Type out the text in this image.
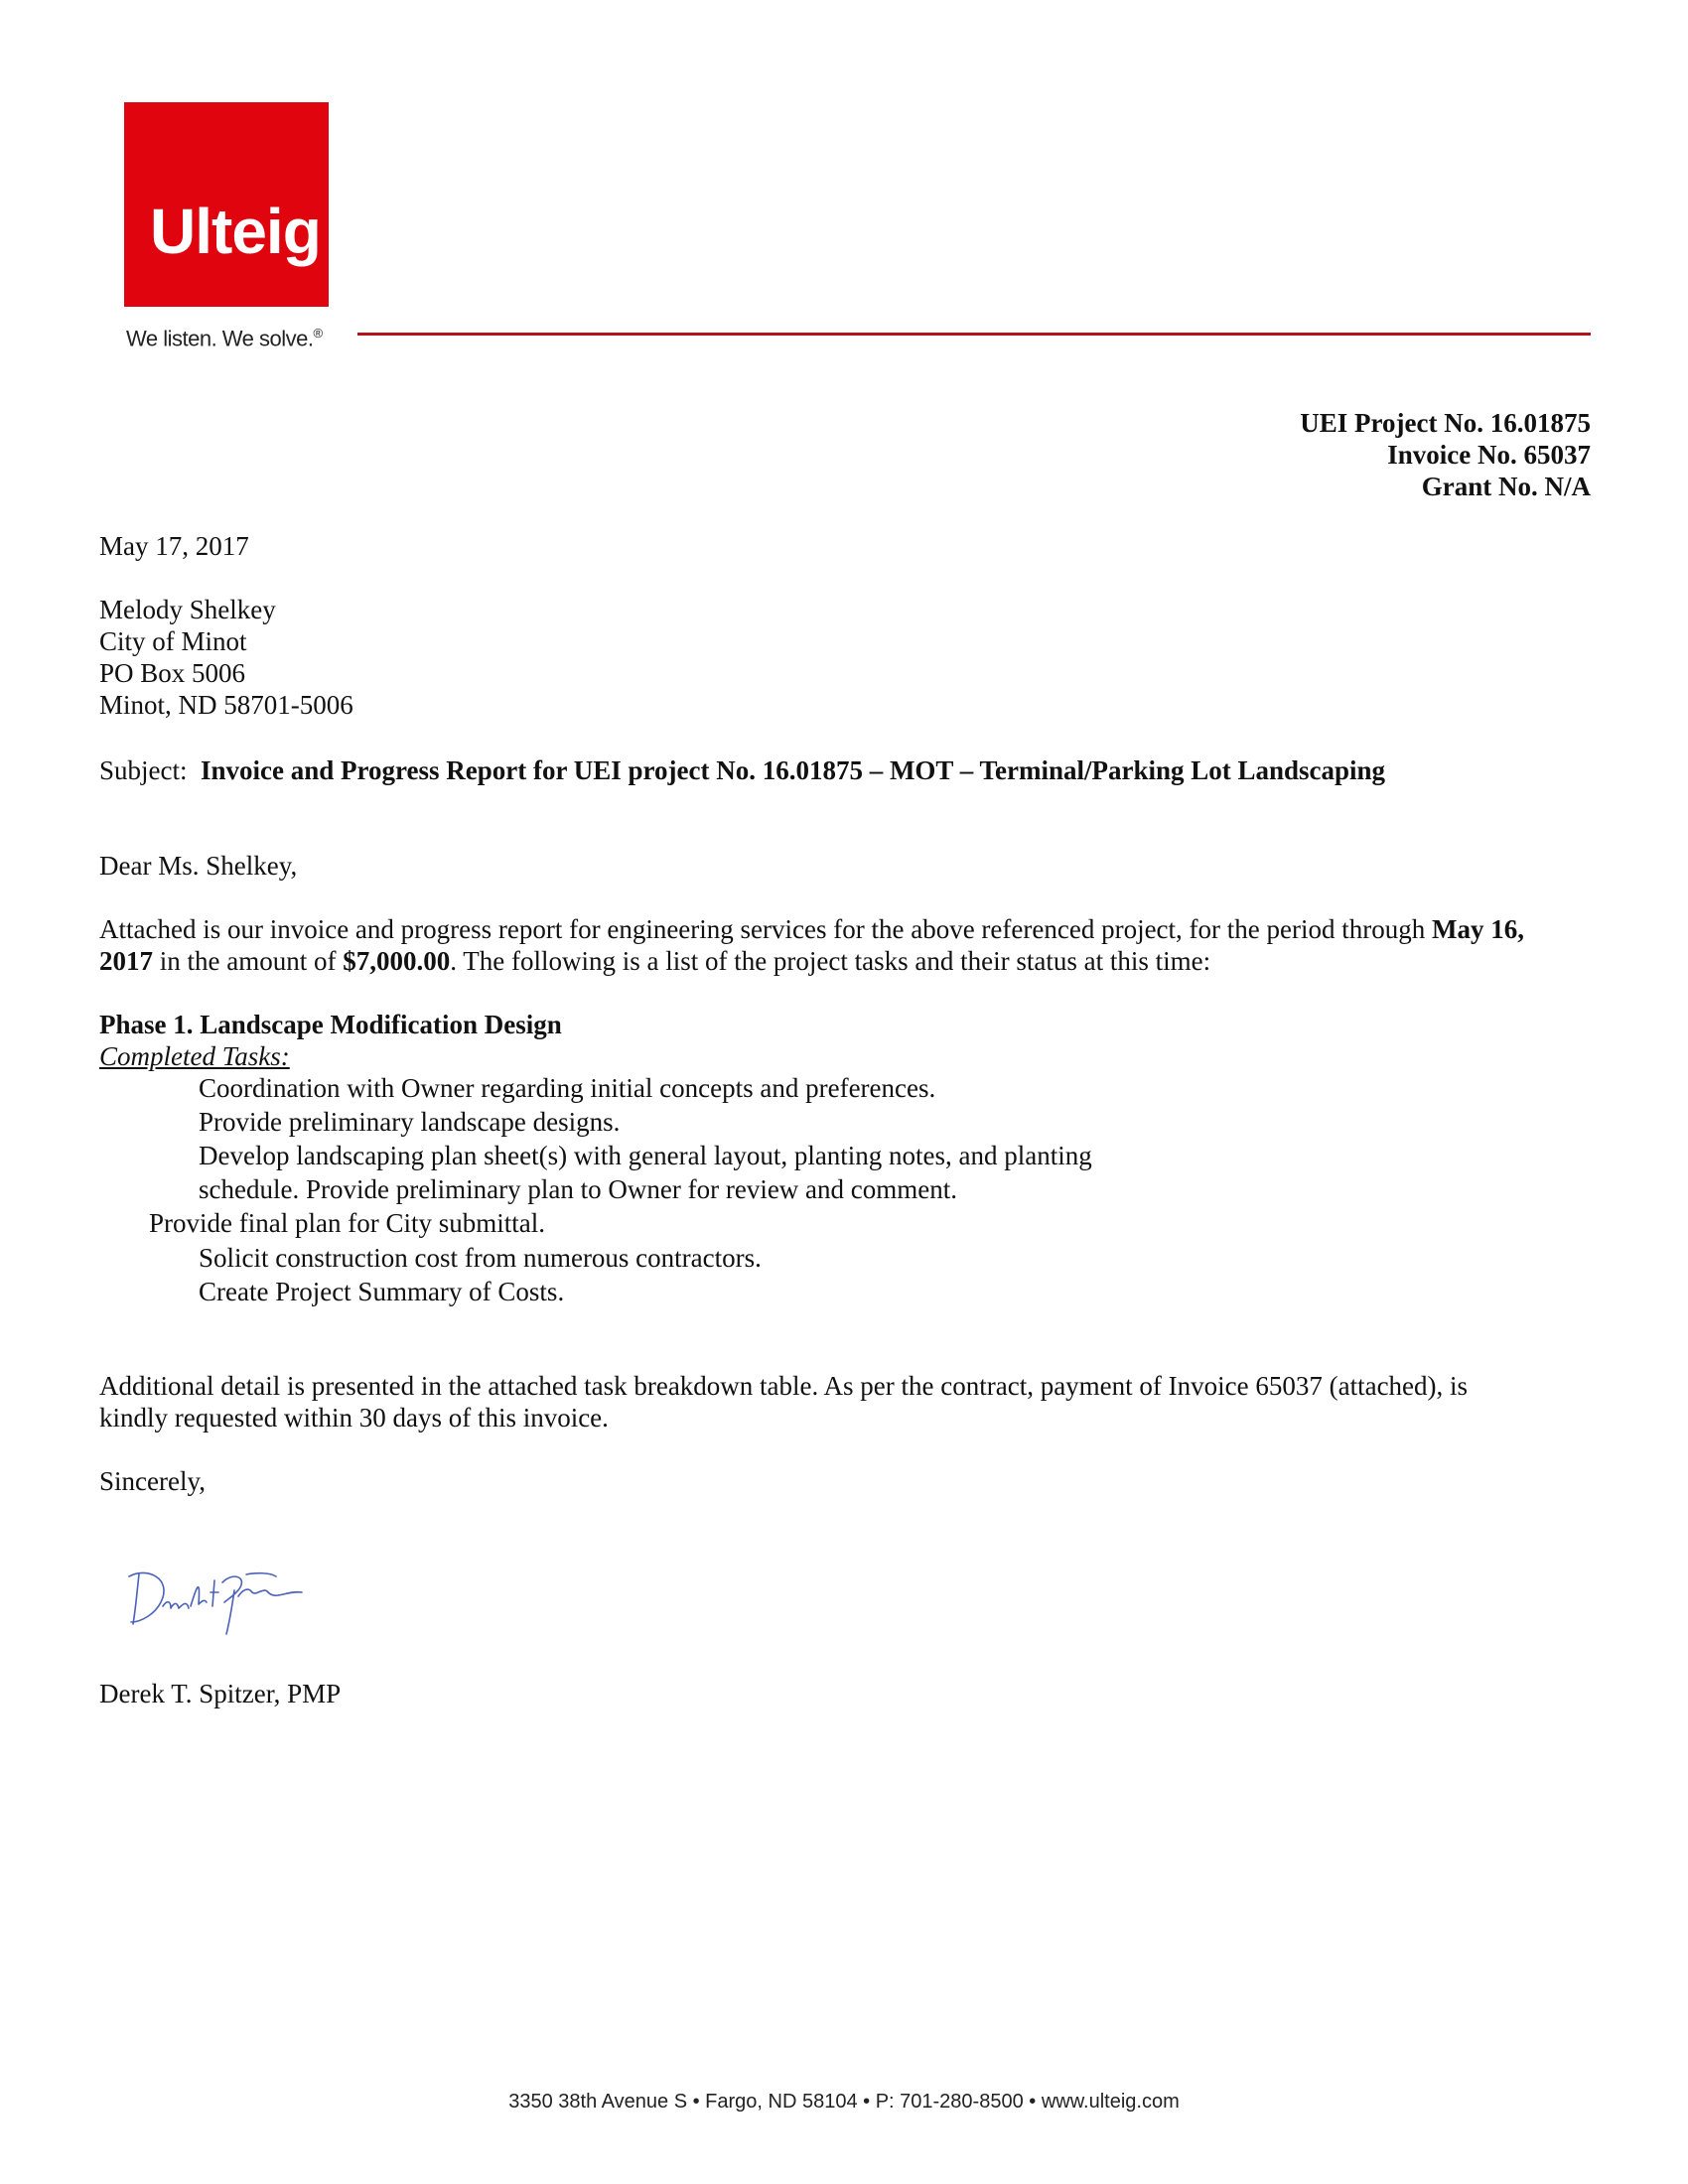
Ulteig
We listen. We solve.®
UEI Project No. 16.01875
Invoice No. 65037
Grant No. N/A
May 17, 2017
Melody Shelkey
City of Minot
PO Box 5006
Minot, ND 58701-5006
Subject: Invoice and Progress Report for UEI project No. 16.01875 – MOT – Terminal/Parking Lot Landscaping
Dear Ms. Shelkey,
Attached is our invoice and progress report for engineering services for the above referenced project, for the period through May 16,
2017 in the amount of $7,000.00. The following is a list of the project tasks and their status at this time:
Phase 1. Landscape Modification Design
Completed Tasks:
Coordination with Owner regarding initial concepts and preferences.
Provide preliminary landscape designs.
Develop landscaping plan sheet(s) with general layout, planting notes, and planting
schedule. Provide preliminary plan to Owner for review and comment.
Provide final plan for City submittal.
Solicit construction cost from numerous contractors.
Create Project Summary of Costs.
Additional detail is presented in the attached task breakdown table. As per the contract, payment of Invoice 65037 (attached), is
kindly requested within 30 days of this invoice.
Sincerely,
Derek T. Spitzer, PMP
3350 38th Avenue S • Fargo, ND 58104 • P: 701-280-8500 • www.ulteig.com
